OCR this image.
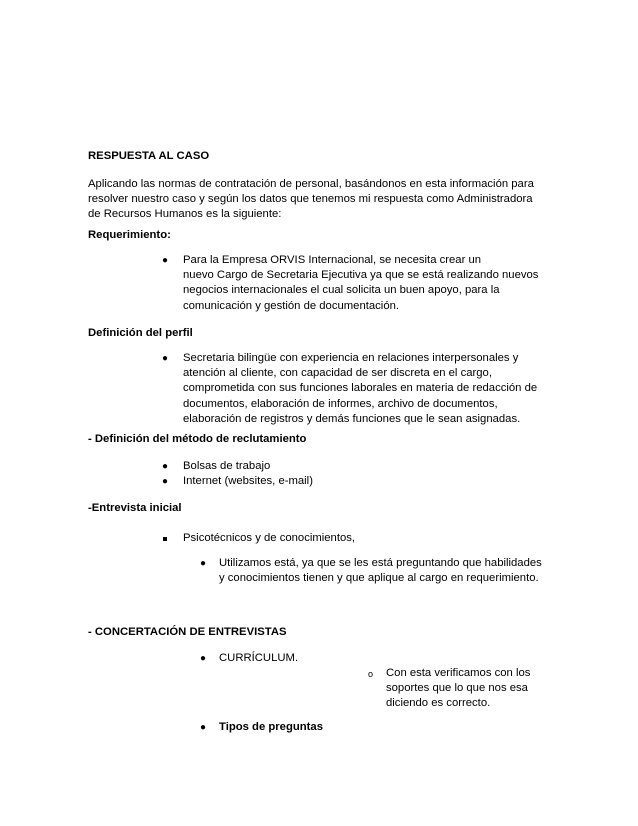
RESPUESTA AL CASO
Aplicando las normas de contratación de personal, basándonos en esta información para
resolver nuestro caso y según los datos que tenemos mi respuesta como Administradora
de Recursos Humanos es la siguiente:
Requerimiento:
● Para la Empresa ORVIS Internacional, se necesita crear un
nuevo Cargo de Secretaria Ejecutiva ya que se está realizando nuevos
negocios internacionales el cual solicita un buen apoyo, para la
comunicación y gestión de documentación.
Definición del perfil
● Secretaria bilingüe con experiencia en relaciones interpersonales y
atención al cliente, con capacidad de ser discreta en el cargo,
comprometida con sus funciones laborales en materia de redacción de
documentos, elaboración de informes, archivo de documentos,
elaboración de registros y demás funciones que le sean asignadas.
- Definición del método de reclutamiento
● Bolsas de trabajo
● Internet (websites, e-mail)
-Entrevista inicial
Psicotécnicos y de conocimientos,
● Utilizamos está, ya que se les está preguntando que habilidades
y conocimientos tienen y que aplique al cargo en requerimiento.
- CONCERTACIÓN DE ENTREVISTAS
● CURRÍCULUM.
o Con esta verificamos con los
soportes que lo que nos esa
diciendo es correcto.
● Tipos de preguntas
